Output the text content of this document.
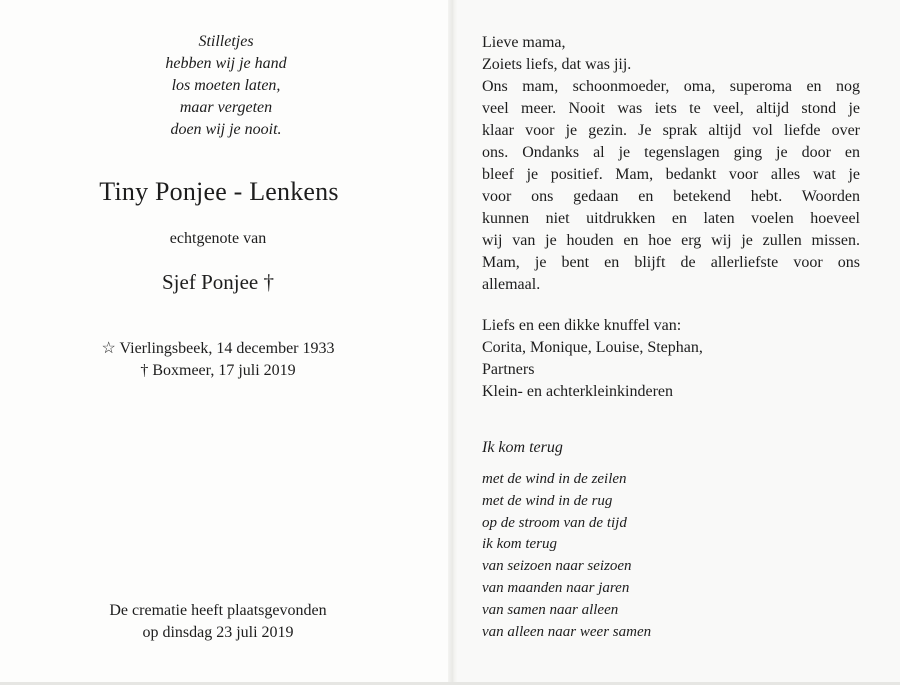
Stilletjes
hebben wij je hand
los moeten laten,
maar vergeten
doen wij je nooit.
Tiny Ponjee - Lenkens
echtgenote van
Sjef Ponjee †
☆ Vierlingsbeek, 14 december 1933
† Boxmeer, 17 juli 2019
De crematie heeft plaatsgevonden
op dinsdag 23 juli 2019
Lieve mama,
Zoiets liefs, dat was jij.
Ons mam, schoonmoeder, oma, superoma en nog
veel meer. Nooit was iets te veel, altijd stond je
klaar voor je gezin. Je sprak altijd vol liefde over
ons. Ondanks al je tegenslagen ging je door en
bleef je positief. Mam, bedankt voor alles wat je
voor ons gedaan en betekend hebt. Woorden
kunnen niet uitdrukken en laten voelen hoeveel
wij van je houden en hoe erg wij je zullen missen.
Mam, je bent en blijft de allerliefste voor ons
allemaal.
Liefs en een dikke knuffel van:
Corita, Monique, Louise, Stephan,
Partners
Klein- en achterkleinkinderen
Ik kom terug
met de wind in de zeilen
met de wind in de rug
op de stroom van de tijd
ik kom terug
van seizoen naar seizoen
van maanden naar jaren
van samen naar alleen
van alleen naar weer samen
